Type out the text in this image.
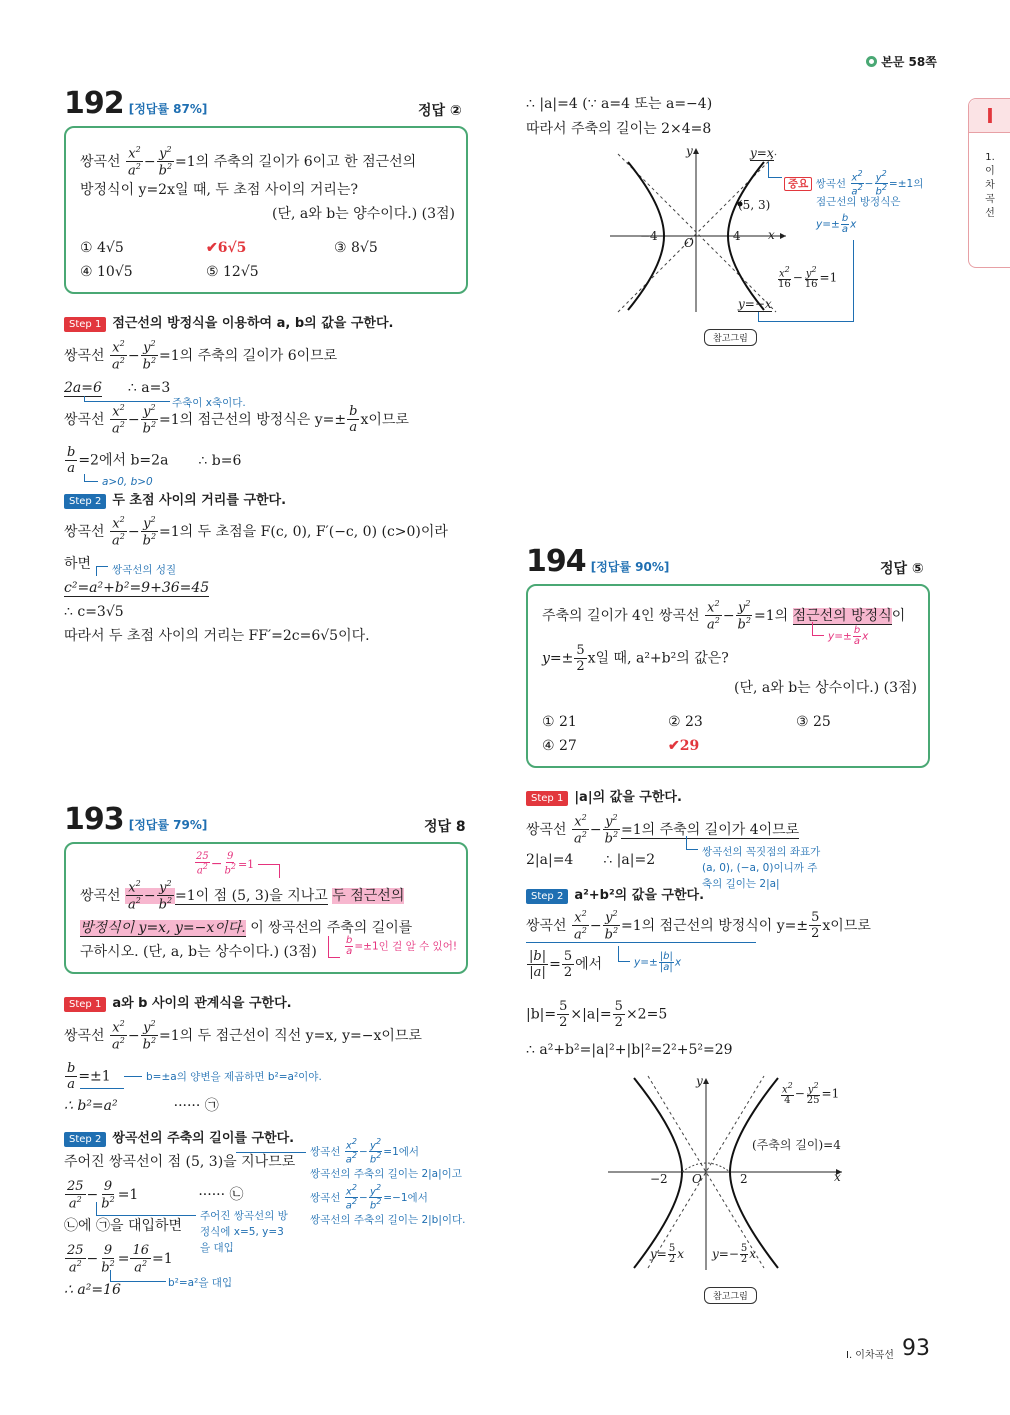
본문 58쪽
I
1. 이차곡선
192 [정답률 87%]	정답 ②
쌍곡선 $\frac{x^2}{a^2} - \frac{y^2}{b^2} =1$의 주축의 길이가 6이고 한 점근선의
방정식이 y=2x일 때, 두 초점 사이의 거리는?
(단, a와 b는 양수이다.) (3점)
① 4√5	✔6√5	③ 8√5
④ 10√5	⑤ 12√5
Step 1 점근선의 방정식을 이용하여 a, b의 값을 구한다.
쌍곡선 $\frac{x^2}{a^2} - \frac{y^2}{b^2} =1$의 주축의 길이가 6이므로
2a=6 ∴ a=3
주축이 x축이다.
쌍곡선 $\frac{x^2}{a^2} - \frac{y^2}{b^2} =1$의 점근선의 방정식은 $y=\pm \frac{b}{a}$ x이므로
$\frac{b}{a} =2$에서 b=2a ∴ b=6
a>0, b>0
Step 2 두 초점 사이의 거리를 구한다.
쌍곡선 $\frac{x^2}{a^2} - \frac{y^2}{b^2} =1$의 두 초점을 F(c, 0), F′(−c, 0) (c>0)이라
하면 쌍곡선의 성질
c²=a²+b²=9+36=45
∴ c=3√5
따라서 두 초점 사이의 거리는 FF′=2c=6√5이다.
193 [정답률 79%]	정답 8
$\frac{25}{a^2} - \frac{9}{b^2} =1$
쌍곡선 $\frac{x^2}{a^2} - \frac{y^2}{b^2} =1$이 점 (5, 3)을 지나고 두 점근선의
방정식이 y=x, y=−x이다. 이 쌍곡선의 주축의 길이를
구하시오. (단, a, b는 상수이다.) (3점)	$\frac{b}{a} =\pm 1$인 걸 알 수 있어!
Step 1 a와 b 사이의 관계식을 구한다.
쌍곡선 $\frac{x^2}{a^2} - \frac{y^2}{b^2} =1$의 두 점근선이 직선 y=x, y=−x이므로
$\frac{b}{a} =\pm 1$	b=±a의 양변을 제곱하면 b²=a²이야.
∴ b²=a²	······ ㉠
Step 2 쌍곡선의 주축의 길이를 구한다.
주어진 쌍곡선이 점 (5, 3)을 지나므로
$\frac{25}{a^2} - \frac{9}{b^2} =1$	······ ㉡
㉡에 ㉠을 대입하면
$\frac{25}{a^2} - \frac{9}{b^2} = \frac{16}{a^2} =1$
∴ a²=16
쌍곡선 $\frac{x^2}{a^2} - \frac{y^2}{b^2} =1$에서
쌍곡선의 주축의 길이는 2|a|이고
쌍곡선 $\frac{x^2}{a^2} - \frac{y^2}{b^2} =-1$에서
쌍곡선의 주축의 길이는 2|b|이다.
주어진 쌍곡선의 방정식에 x=5, y=3을 대입
b²=a²을 대입
∴ |a|=4 (∵ a=4 또는 a=−4)
따라서 주축의 길이는 2×4=8
y=x
y=−x
(5, 3)
−4	4
O
x
y
$\frac{x^2}{16} - \frac{y^2}{16} =1$
중요 쌍곡선 $\frac{x^2}{a^2} - \frac{y^2}{b^2} =\pm 1$의
점근선의 방정식은
$y=\pm \frac{b}{a}$ x
참고그림
194 [정답률 90%]	정답 ⑤
주축의 길이가 4인 쌍곡선 $\frac{x^2}{a^2} - \frac{y^2}{b^2} =1$의 점근선의 방정식이
$y=\pm \frac{b}{a}$ x
$y=\pm \frac{5}{2}$ x일 때, a²+b²의 값은?
(단, a와 b는 상수이다.) (3점)
① 21	② 23	③ 25
④ 27	✔29
Step 1 |a|의 값을 구한다.
쌍곡선 $\frac{x^2}{a^2} - \frac{y^2}{b^2} =1$의 주축의 길이가 4이므로
쌍곡선의 꼭짓점의 좌표가 (a, 0), (−a, 0)이니까 주축의 길이는 2|a|
2|a|=4 ∴ |a|=2
Step 2 a²+b²의 값을 구한다.
쌍곡선 $\frac{x^2}{a^2} - \frac{y^2}{b^2} =1$의 점근선의 방정식이 $y=\pm \frac{5}{2}$ x이므로
$\frac{|b|}{|a|} = \frac{5}{2}$ 에서	$y=\pm \frac{|b|}{|a|}$ x
$|b|= \frac{5}{2} \times|a|= \frac{5}{2} \times 2=5$
∴ a²+b²=|a|²+|b|²=2²+5²=29
$\frac{x^2}{4} - \frac{y^2}{25} =1$
(주축의 길이)=4
−2	2
O	x
y
$y= \frac{5}{2}$ x $y=- \frac{5}{2}$ x
참고그림
Ⅰ. 이차곡선 93
